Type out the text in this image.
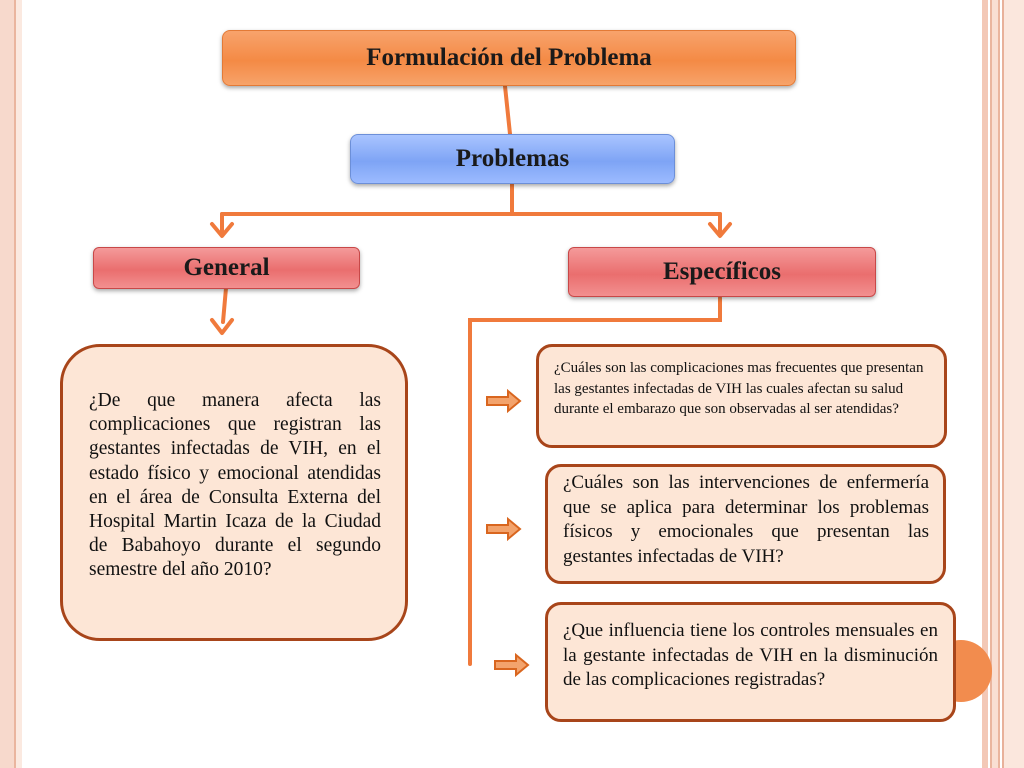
Formulación del Problema
Problemas
General	Específicos
¿De que manera afecta las complicaciones que registran las gestantes infectadas de VIH, en el estado físico y emocional atendidas en el área de Consulta Externa del Hospital Martin Icaza de la Ciudad de Babahoyo durante el segundo semestre del año 2010?
¿Cuáles son las complicaciones mas frecuentes que presentan las gestantes infectadas de VIH las cuales afectan su salud durante el embarazo que son observadas al ser atendidas?
¿Cuáles son las intervenciones de enfermería que se aplica para determinar los problemas físicos y emocionales que presentan las gestantes infectadas de VIH?
¿Que influencia tiene los controles mensuales en la gestante infectadas de VIH en la disminución de las complicaciones registradas?
